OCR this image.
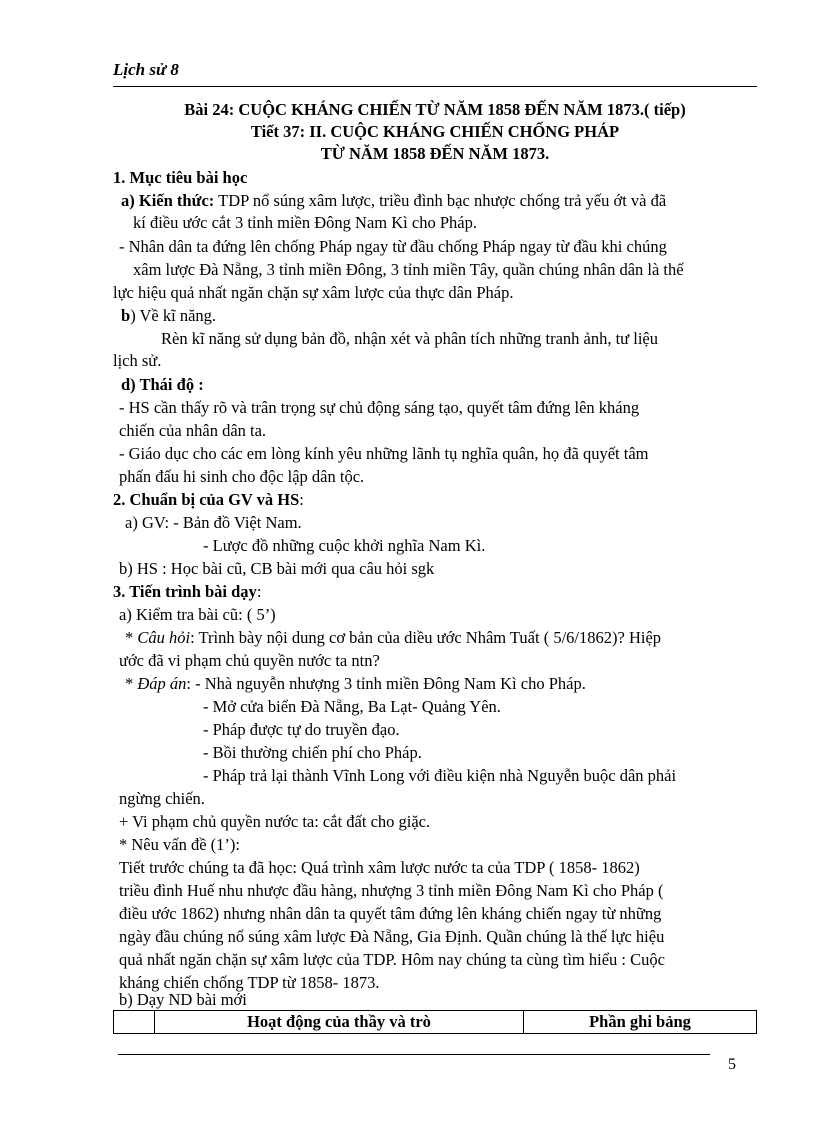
Lịch sử 8
Bài 24: CUỘC KHÁNG CHIẾN TỪ NĂM 1858 ĐẾN NĂM 1873.( tiếp)
Tiết 37: II. CUỘC KHÁNG CHIẾN CHỐNG PHÁP
TỪ NĂM 1858 ĐẾN NĂM 1873.
1. Mục tiêu bài học
a) Kiến thức: TDP nổ súng xâm lược, triều đình bạc nhược chống trả yếu ớt và đã
kí điều ước cắt 3 tỉnh miền Đông Nam Kì cho Pháp.
- Nhân dân ta đứng lên chống Pháp ngay từ đầu chống Pháp ngay từ đầu khi chúng
xâm lược Đà Nẵng, 3 tỉnh miền Đông, 3 tỉnh miền Tây, quần chúng nhân dân là thế
lực hiệu quả nhất ngăn chặn sự xâm lược của thực dân Pháp.
b) Về kĩ năng.
Rèn kĩ năng sử dụng bản đồ, nhận xét và phân tích những tranh ảnh, tư liệu
lịch sử.
d) Thái độ :
- HS cần thấy rõ và trân trọng sự chủ động sáng tạo, quyết tâm đứng lên kháng
chiến của nhân dân ta.
- Giáo dục cho các em lòng kính yêu những lãnh tụ nghĩa quân, họ đã quyết tâm
phấn đấu hi sinh cho độc lập dân tộc.
2. Chuẩn bị của GV và HS:
a) GV: - Bản đồ Việt Nam.
- Lược đồ những cuộc khởi nghĩa Nam Kì.
b) HS : Học bài cũ, CB bài mới qua câu hỏi sgk
3. Tiến trình bài dạy:
a) Kiểm tra bài cũ: ( 5’)
* Câu hỏi: Trình bày nội dung cơ bản của diều ước Nhâm Tuất ( 5/6/1862)? Hiệp
ước đã vi phạm chủ quyền nước ta ntn?
* Đáp án: - Nhà nguyễn nhượng 3 tỉnh miền Đông Nam Kì cho Pháp.
- Mở cửa biển Đà Nẵng, Ba Lạt- Quảng Yên.
- Pháp được tự do truyền đạo.
- Bồi thường chiến phí cho Pháp.
- Pháp trả lại thành Vĩnh Long với điều kiện nhà Nguyễn buộc dân phải
ngừng chiến.
+ Vi phạm chủ quyền nước ta: cắt đất cho giặc.
* Nêu vấn đề (1’):
Tiết trước chúng ta đã học: Quá trình xâm lược nước ta của TDP ( 1858- 1862)
triều đình Huế nhu nhược đầu hàng, nhượng 3 tỉnh miền Đông Nam Kì cho Pháp (
điều ước 1862) nhưng nhân dân ta quyết tâm đứng lên kháng chiến ngay từ những
ngày đầu chúng nổ súng xâm lược Đà Nẵng, Gia Định. Quần chúng là thế lực hiệu
quả nhất ngăn chặn sự xâm lược của TDP. Hôm nay chúng ta cùng tìm hiểu : Cuộc
kháng chiến chống TDP từ 1858- 1873.
b) Dạy ND bài mới
Hoạt động của thầy và trò	Phần ghi bảng
5
